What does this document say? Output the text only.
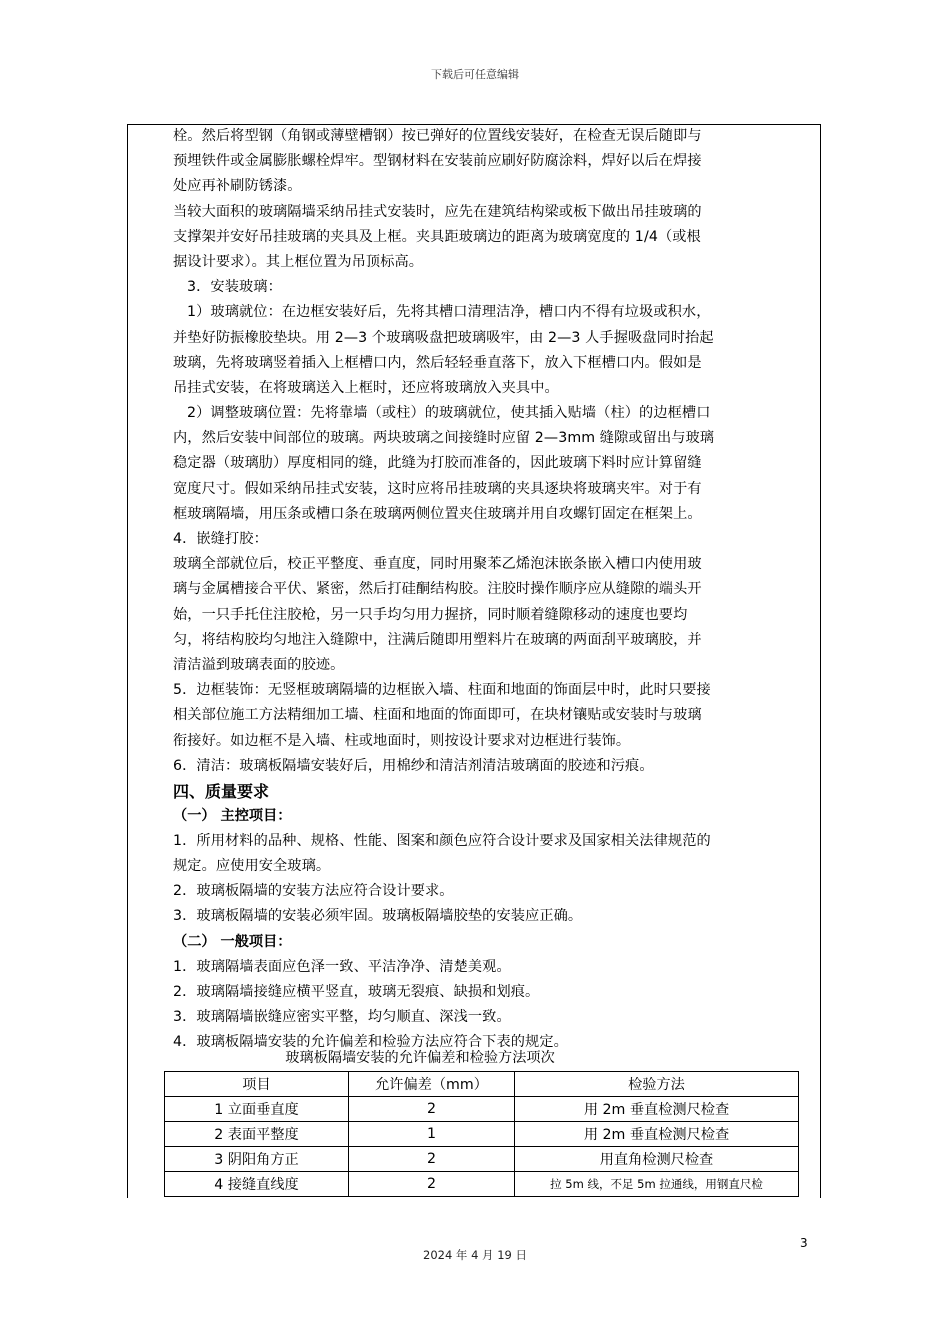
下载后可任意编辑
栓。然后将型钢（角钢或薄壁槽钢）按已弹好的位置线安装好，在检查无误后随即与
预埋铁件或金属膨胀螺栓焊牢。型钢材料在安装前应刷好防腐涂料，焊好以后在焊接
处应再补刷防锈漆。
当较大面积的玻璃隔墙采纳吊挂式安装时，应先在建筑结构梁或板下做出吊挂玻璃的
支撑架并安好吊挂玻璃的夹具及上框。夹具距玻璃边的距离为玻璃宽度的 1/4（或根
据设计要求）。其上框位置为吊顶标高。
3．安装玻璃：
1）玻璃就位：在边框安装好后，先将其槽口清理洁净，槽口内不得有垃圾或积水，
并垫好防振橡胶垫块。用 2—3 个玻璃吸盘把玻璃吸牢，由 2—3 人手握吸盘同时抬起
玻璃，先将玻璃竖着插入上框槽口内，然后轻轻垂直落下，放入下框槽口内。假如是
吊挂式安装，在将玻璃送入上框时，还应将玻璃放入夹具中。
2）调整玻璃位置：先将靠墙（或柱）的玻璃就位，使其插入贴墙（柱）的边框槽口
内，然后安装中间部位的玻璃。两块玻璃之间接缝时应留 2—3mm 缝隙或留出与玻璃
稳定器（玻璃肋）厚度相同的缝，此缝为打胶而准备的，因此玻璃下料时应计算留缝
宽度尺寸。假如采纳吊挂式安装，这时应将吊挂玻璃的夹具逐块将玻璃夹牢。对于有
框玻璃隔墙，用压条或槽口条在玻璃两侧位置夹住玻璃并用自攻螺钉固定在框架上。
4．嵌缝打胶：
玻璃全部就位后，校正平整度、垂直度，同时用聚苯乙烯泡沫嵌条嵌入槽口内使用玻
璃与金属槽接合平伏、紧密，然后打硅酮结构胶。注胶时操作顺序应从缝隙的端头开
始，一只手托住注胶枪，另一只手均匀用力握挤，同时顺着缝隙移动的速度也要均
匀，将结构胶均匀地注入缝隙中，注满后随即用塑料片在玻璃的两面刮平玻璃胶，并
清洁溢到玻璃表面的胶迹。
5．边框装饰：无竖框玻璃隔墙的边框嵌入墙、柱面和地面的饰面层中时，此时只要接
相关部位施工方法精细加工墙、柱面和地面的饰面即可，在块材镶贴或安装时与玻璃
衔接好。如边框不是入墙、柱或地面时，则按设计要求对边框进行装饰。
6．清洁：玻璃板隔墙安装好后，用棉纱和清洁剂清洁玻璃面的胶迹和污痕。
四、质量要求
（一） 主控项目：
1．所用材料的品种、规格、性能、图案和颜色应符合设计要求及国家相关法律规范的
规定。应使用安全玻璃。
2．玻璃板隔墙的安装方法应符合设计要求。
3．玻璃板隔墙的安装必须牢固。玻璃板隔墙胶垫的安装应正确。
（二） 一般项目：
1．玻璃隔墙表面应色泽一致、平洁净净、清楚美观。
2．玻璃隔墙接缝应横平竖直，玻璃无裂痕、缺损和划痕。
3．玻璃隔墙嵌缝应密实平整，均匀顺直、深浅一致。
4．玻璃板隔墙安装的允许偏差和检验方法应符合下表的规定。
玻璃板隔墙安装的允许偏差和检验方法项次
项目	允许偏差（mm）	检验方法
1 立面垂直度	2	用 2m 垂直检测尺检查
2 表面平整度	1	用 2m 垂直检测尺检查
3 阴阳角方正	2	用直角检测尺检查
4 接缝直线度	2	拉 5m 线，不足 5m 拉通线，用钢直尺检
3
2024 年 4 月 19 日
